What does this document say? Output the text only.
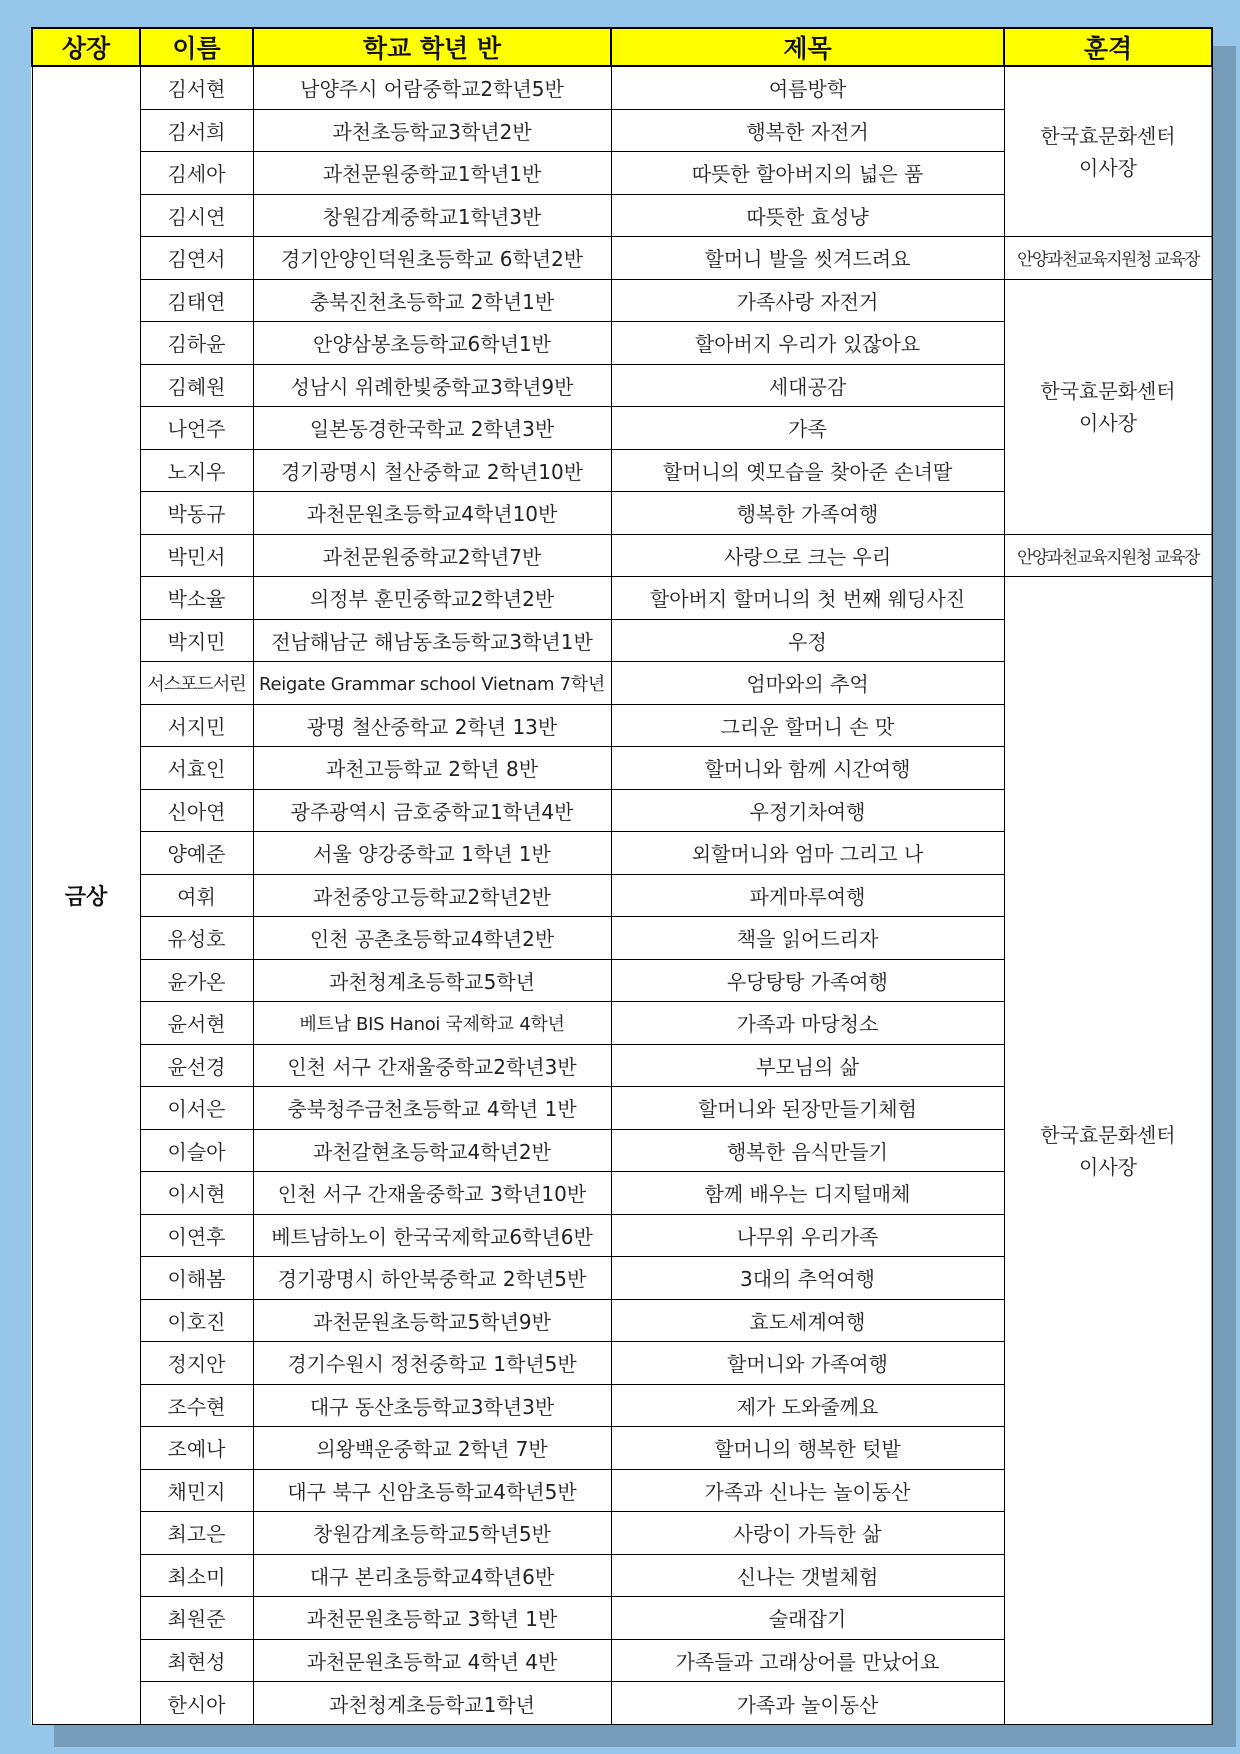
상장	이름	학교 학년 반	제목	훈격
금상	김서현	남양주시 어람중학교2학년5반	여름방학	한국효문화센터
이사장
	김서희	과천초등학교3학년2반	행복한 자전거	
	김세아	과천문원중학교1학년1반	따뜻한 할아버지의 넓은 품	
	김시연	창원감계중학교1학년3반	따뜻한 효성냥	
	김연서	경기안양인덕원초등학교 6학년2반	할머니 발을 씻겨드려요	안양과천교육지원청 교육장
	김태연	충북진천초등학교 2학년1반	가족사랑 자전거	한국효문화센터
이사장
	김하윤	안양삼봉초등학교6학년1반	할아버지 우리가 있잖아요	
	김혜원	성남시 위례한빛중학교3학년9반	세대공감	
	나언주	일본동경한국학교 2학년3반	가족	
	노지우	경기광명시 철산중학교 2학년10반	할머니의 옛모습을 찾아준 손녀딸	
	박동규	과천문원초등학교4학년10반	행복한 가족여행	
	박민서	과천문원중학교2학년7반	사랑으로 크는 우리	안양과천교육지원청 교육장
	박소율	의정부 훈민중학교2학년2반	할아버지 할머니의 첫 번째 웨딩사진	한국효문화센터
이사장
	박지민	전남해남군 해남동초등학교3학년1반	우정	
	서스포드서린	Reigate Grammar school Vietnam 7학년	엄마와의 추억	
	서지민	광명 철산중학교 2학년 13반	그리운 할머니 손 맛	
	서효인	과천고등학교 2학년 8반	할머니와 함께 시간여행	
	신아연	광주광역시 금호중학교1학년4반	우정기차여행	
	양예준	서울 양강중학교 1학년 1반	외할머니와 엄마 그리고 나	
	여휘	과천중앙고등학교2학년2반	파게마루여행	
	유성호	인천 공촌초등학교4학년2반	책을 읽어드리자	
	윤가온	과천청계초등학교5학년	우당탕탕 가족여행	
	윤서현	베트남 BIS Hanoi 국제학교 4학년	가족과 마당청소	
	윤선경	인천 서구 간재울중학교2학년3반	부모님의 삶	
	이서은	충북청주금천초등학교 4학년 1반	할머니와 된장만들기체험	
	이슬아	과천갈현초등학교4학년2반	행복한 음식만들기	
	이시현	인천 서구 간재울중학교 3학년10반	함께 배우는 디지털매체	
	이연후	베트남하노이 한국국제학교6학년6반	나무위 우리가족	
	이해봄	경기광명시 하안북중학교 2학년5반	3대의 추억여행	
	이호진	과천문원초등학교5학년9반	효도세계여행	
	정지안	경기수원시 정천중학교 1학년5반	할머니와 가족여행	
	조수현	대구 동산초등학교3학년3반	제가 도와줄께요	
	조예나	의왕백운중학교 2학년 7반	할머니의 행복한 텃밭	
	채민지	대구 북구 신암초등학교4학년5반	가족과 신나는 놀이동산	
	최고은	창원감계초등학교5학년5반	사랑이 가득한 삶	
	최소미	대구 본리초등학교4학년6반	신나는 갯벌체험	
	최원준	과천문원초등학교 3학년 1반	술래잡기	
	최현성	과천문원초등학교 4학년 4반	가족들과 고래상어를 만났어요	
	한시아	과천청계초등학교1학년	가족과 놀이동산	
